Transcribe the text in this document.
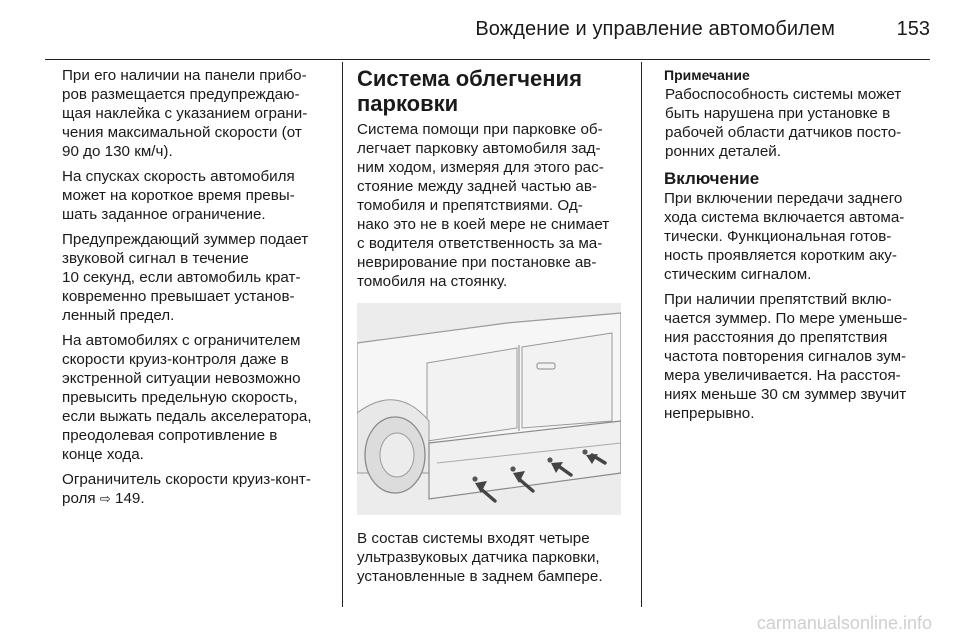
Вождение и управление автомобилем	153

При его наличии на панели прибо-
ров размещается предупреждаю-
щая наклейка с указанием ограни-
чения максимальной скорости (от
90 до 130 км/ч).

На спусках скорость автомобиля
может на короткое время превы-
шать заданное ограничение.

Предупреждающий зуммер подает
звуковой сигнал в течение
10 секунд, если автомобиль крат-
ковременно превышает установ-
ленный предел.

На автомобилях с ограничителем
скорости круиз-контроля даже в
экстренной ситуации невозможно
превысить предельную скорость,
если выжать педаль акселератора,
преодолевая сопротивление в
конце хода.

Ограничитель скорости круиз-конт-
роля ⇨ 149.

Система облегчения
парковки

Система помощи при парковке об-
легчает парковку автомобиля зад-
ним ходом, измеряя для этого рас-
стояние между задней частью ав-
томобиля и препятствиями. Од-
нако это не в коей мере не снимает
с водителя ответственность за ма-
неврирование при постановке ав-
томобиля на стоянку.

В состав системы входят четыре
ультразвуковых датчика парковки,
установленные в заднем бампере.

Примечание

Рабоспособность системы может
быть нарушена при установке в
рабочей области датчиков посто-
ронних деталей.

Включение

При включении передачи заднего
хода система включается автома-
тически. Функциональная готов-
ность проявляется коротким аку-
стическим сигналом.

При наличии препятствий вклю-
чается зуммер. По мере уменьше-
ния расстояния до препятствия
частота повторения сигналов зум-
мера увеличивается. На расстоя-
ниях меньше 30 см зуммер звучит
непрерывно.

carmanualsonline.info
